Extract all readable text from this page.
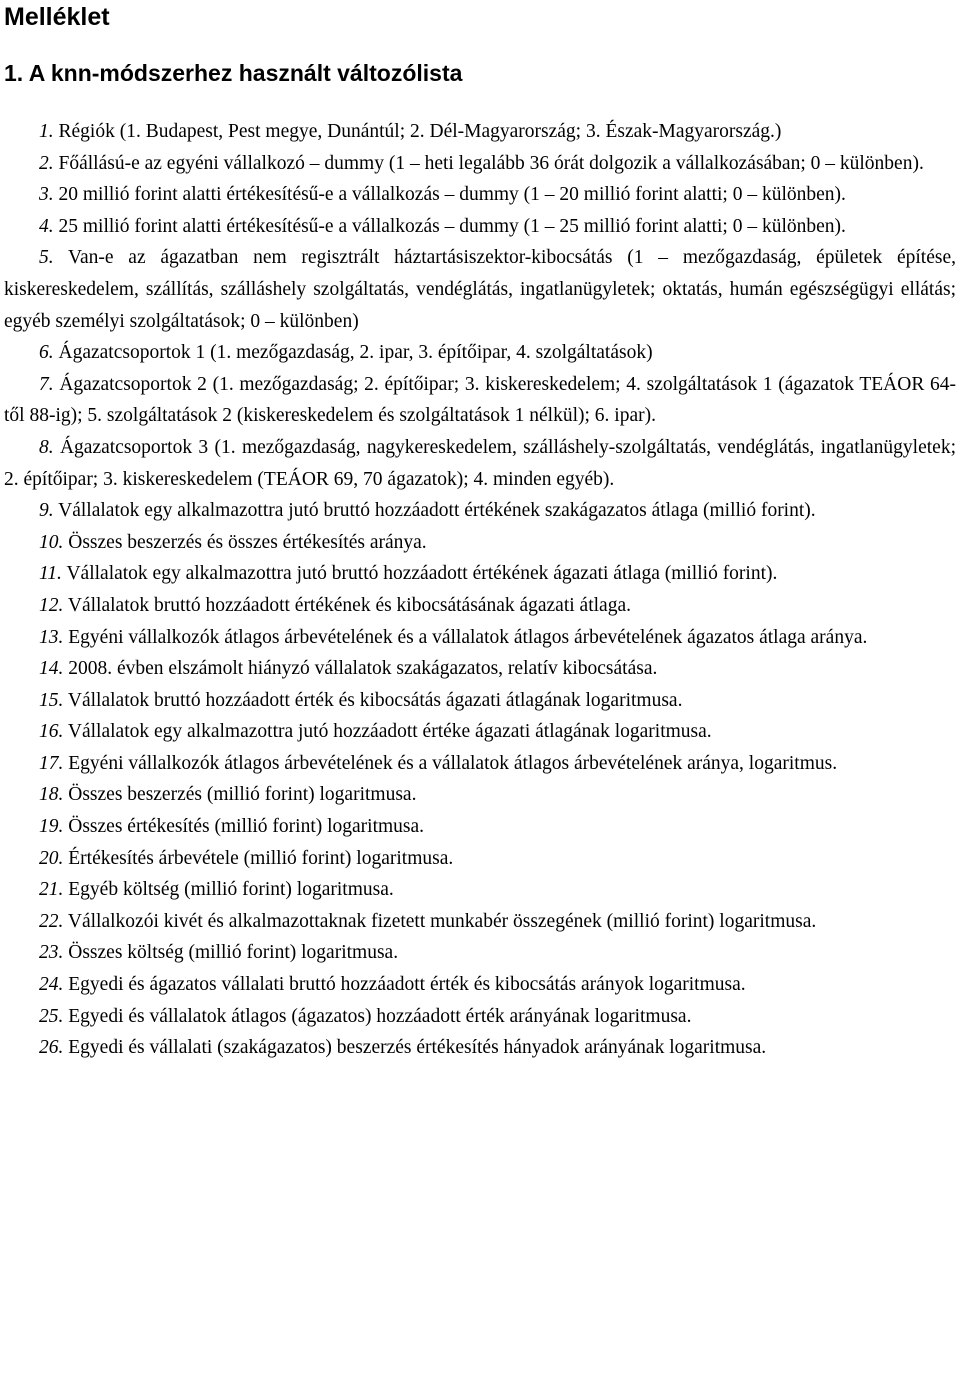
Melléklet
1. A knn-módszerhez használt változólista
1. Régiók (1. Budapest, Pest megye, Dunántúl; 2. Dél-Magyarország; 3. Észak-Magyarország.)
2. Főállású-e az egyéni vállalkozó – dummy (1 – heti legalább 36 órát dolgozik a vállalkozásában; 0 – különben).
3. 20 millió forint alatti értékesítésű-e a vállalkozás – dummy (1 – 20 millió forint alatti; 0 – különben).
4. 25 millió forint alatti értékesítésű-e a vállalkozás – dummy (1 – 25 millió forint alatti; 0 – különben).
5. Van-e az ágazatban nem regisztrált háztartásiszektor-kibocsátás (1 – mezőgazdaság, épületek építése, kiskereskedelem, szállítás, szálláshely szolgáltatás, vendéglátás, ingatlanügyletek; oktatás, humán egészségügyi ellátás; egyéb személyi szolgáltatások; 0 – különben)
6. Ágazatcsoportok 1 (1. mezőgazdaság, 2. ipar, 3. építőipar, 4. szolgáltatások)
7. Ágazatcsoportok 2 (1. mezőgazdaság; 2. építőipar; 3. kiskereskedelem; 4. szolgáltatások 1 (ágazatok TEÁOR 64-től 88-ig); 5. szolgáltatások 2 (kiskereskedelem és szolgáltatások 1 nélkül); 6. ipar).
8. Ágazatcsoportok 3 (1. mezőgazdaság, nagykereskedelem, szálláshely-szolgáltatás, vendéglátás, ingatlanügyletek; 2. építőipar; 3. kiskereskedelem (TEÁOR 69, 70 ágazatok); 4. minden egyéb).
9. Vállalatok egy alkalmazottra jutó bruttó hozzáadott értékének szakágazatos átlaga (millió forint).
10. Összes beszerzés és összes értékesítés aránya.
11. Vállalatok egy alkalmazottra jutó bruttó hozzáadott értékének ágazati átlaga (millió forint).
12. Vállalatok bruttó hozzáadott értékének és kibocsátásának ágazati átlaga.
13. Egyéni vállalkozók átlagos árbevételének és a vállalatok átlagos árbevételének ágazatos átlaga aránya.
14. 2008. évben elszámolt hiányzó vállalatok szakágazatos, relatív kibocsátása.
15. Vállalatok bruttó hozzáadott érték és kibocsátás ágazati átlagának logaritmusa.
16. Vállalatok egy alkalmazottra jutó hozzáadott értéke ágazati átlagának logaritmusa.
17. Egyéni vállalkozók átlagos árbevételének és a vállalatok átlagos árbevételének aránya, logaritmus.
18. Összes beszerzés (millió forint) logaritmusa.
19. Összes értékesítés (millió forint) logaritmusa.
20. Értékesítés árbevétele (millió forint) logaritmusa.
21. Egyéb költség (millió forint) logaritmusa.
22. Vállalkozói kivét és alkalmazottaknak fizetett munkabér összegének (millió forint) logaritmusa.
23. Összes költség (millió forint) logaritmusa.
24. Egyedi és ágazatos vállalati bruttó hozzáadott érték és kibocsátás arányok logaritmusa.
25. Egyedi és vállalatok átlagos (ágazatos) hozzáadott érték arányának logaritmusa.
26. Egyedi és vállalati (szakágazatos) beszerzés értékesítés hányadok arányának logaritmusa.
